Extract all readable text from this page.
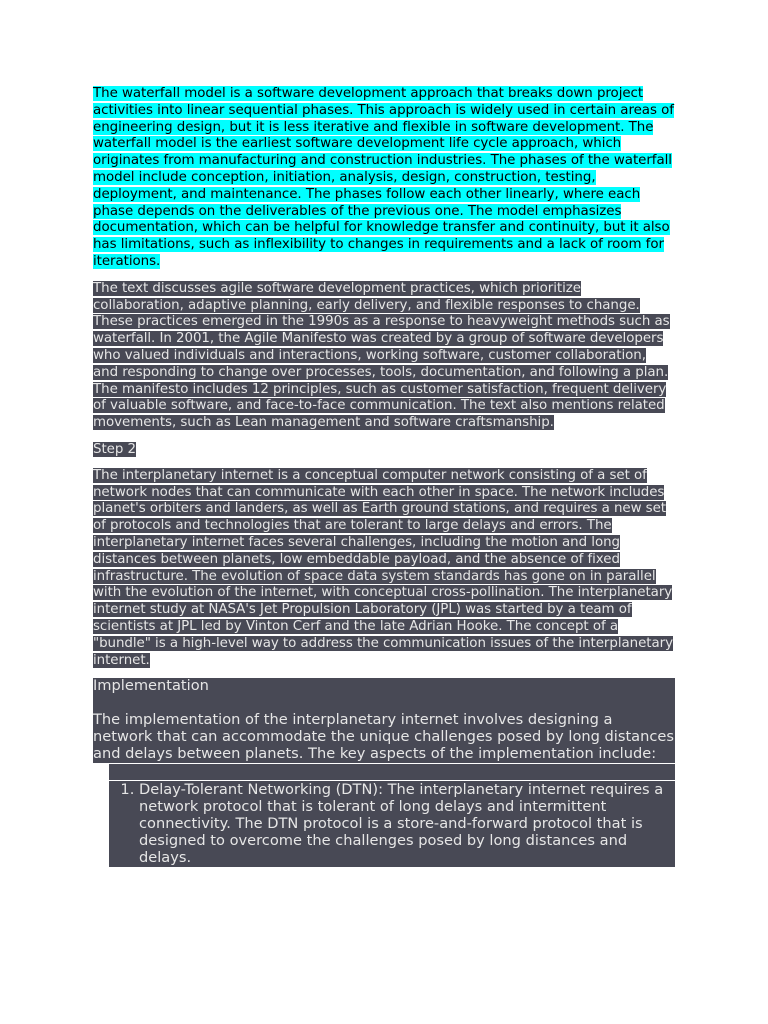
The waterfall model is a software development approach that breaks down project activities into linear sequential phases. This approach is widely used in certain areas of engineering design, but it is less iterative and flexible in software development. The waterfall model is the earliest software development life cycle approach, which originates from manufacturing and construction industries. The phases of the waterfall model include conception, initiation, analysis, design, construction, testing, deployment, and maintenance. The phases follow each other linearly, where each phase depends on the deliverables of the previous one. The model emphasizes documentation, which can be helpful for knowledge transfer and continuity, but it also has limitations, such as inflexibility to changes in requirements and a lack of room for iterations.

The text discusses agile software development practices, which prioritize collaboration, adaptive planning, early delivery, and flexible responses to change. These practices emerged in the 1990s as a response to heavyweight methods such as waterfall. In 2001, the Agile Manifesto was created by a group of software developers who valued individuals and interactions, working software, customer collaboration, and responding to change over processes, tools, documentation, and following a plan. The manifesto includes 12 principles, such as customer satisfaction, frequent delivery of valuable software, and face-to-face communication. The text also mentions related movements, such as Lean management and software craftsmanship.

Step 2

The interplanetary internet is a conceptual computer network consisting of a set of network nodes that can communicate with each other in space. The network includes planet's orbiters and landers, as well as Earth ground stations, and requires a new set of protocols and technologies that are tolerant to large delays and errors. The interplanetary internet faces several challenges, including the motion and long distances between planets, low embeddable payload, and the absence of fixed infrastructure. The evolution of space data system standards has gone on in parallel with the evolution of the internet, with conceptual cross-pollination. The interplanetary internet study at NASA's Jet Propulsion Laboratory (JPL) was started by a team of scientists at JPL led by Vinton Cerf and the late Adrian Hooke. The concept of a "bundle" is a high-level way to address the communication issues of the interplanetary internet.

Implementation

The implementation of the interplanetary internet involves designing a network that can accommodate the unique challenges posed by long distances and delays between planets. The key aspects of the implementation include:

1. Delay-Tolerant Networking (DTN): The interplanetary internet requires a network protocol that is tolerant of long delays and intermittent connectivity. The DTN protocol is a store-and-forward protocol that is designed to overcome the challenges posed by long distances and delays.
